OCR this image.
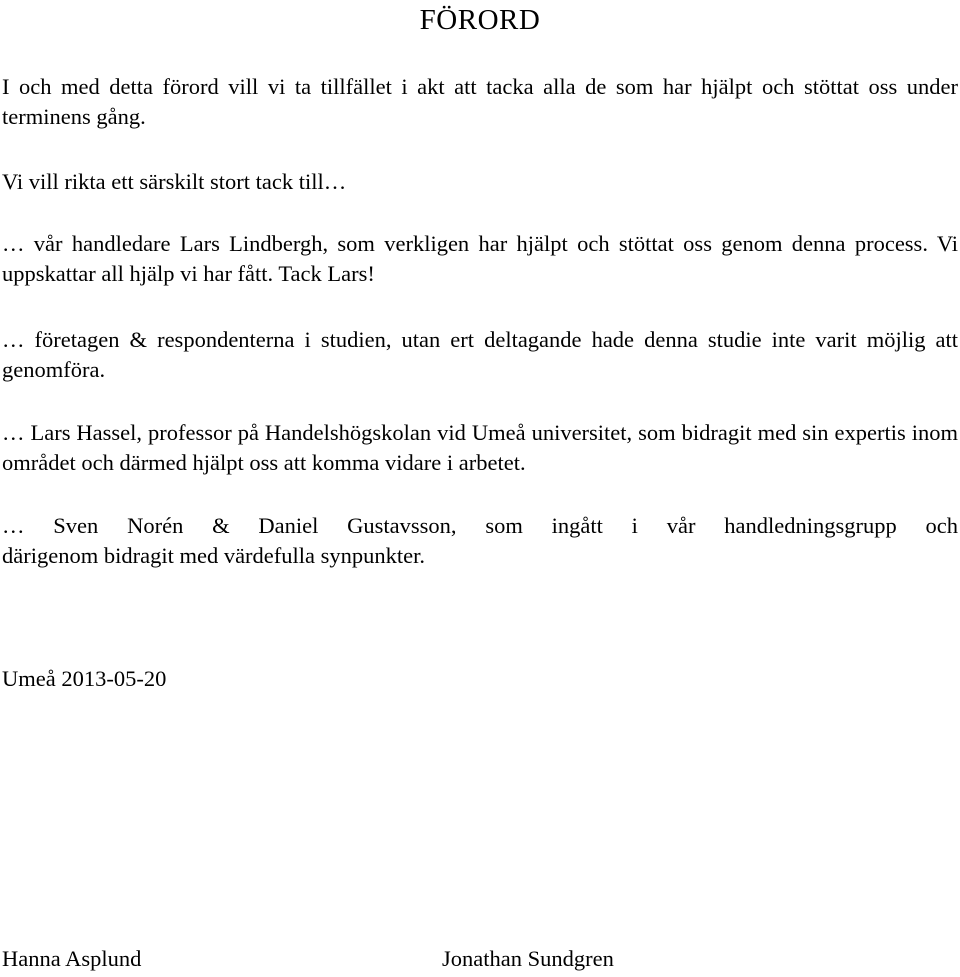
FÖRORD

I och med detta förord vill vi ta tillfället i akt att tacka alla de som har hjälpt och stöttat oss under terminens gång.

Vi vill rikta ett särskilt stort tack till…

… vår handledare Lars Lindbergh, som verkligen har hjälpt och stöttat oss genom denna process. Vi uppskattar all hjälp vi har fått. Tack Lars!

… företagen & respondenterna i studien, utan ert deltagande hade denna studie inte varit möjlig att genomföra.

… Lars Hassel, professor på Handelshögskolan vid Umeå universitet, som bidragit med sin expertis inom området och därmed hjälpt oss att komma vidare i arbetet.

… Sven Norén & Daniel Gustavsson, som ingått i vår handledningsgrupp och
därigenom bidragit med värdefulla synpunkter.

Umeå 2013-05-20

Hanna Asplund	Jonathan Sundgren
